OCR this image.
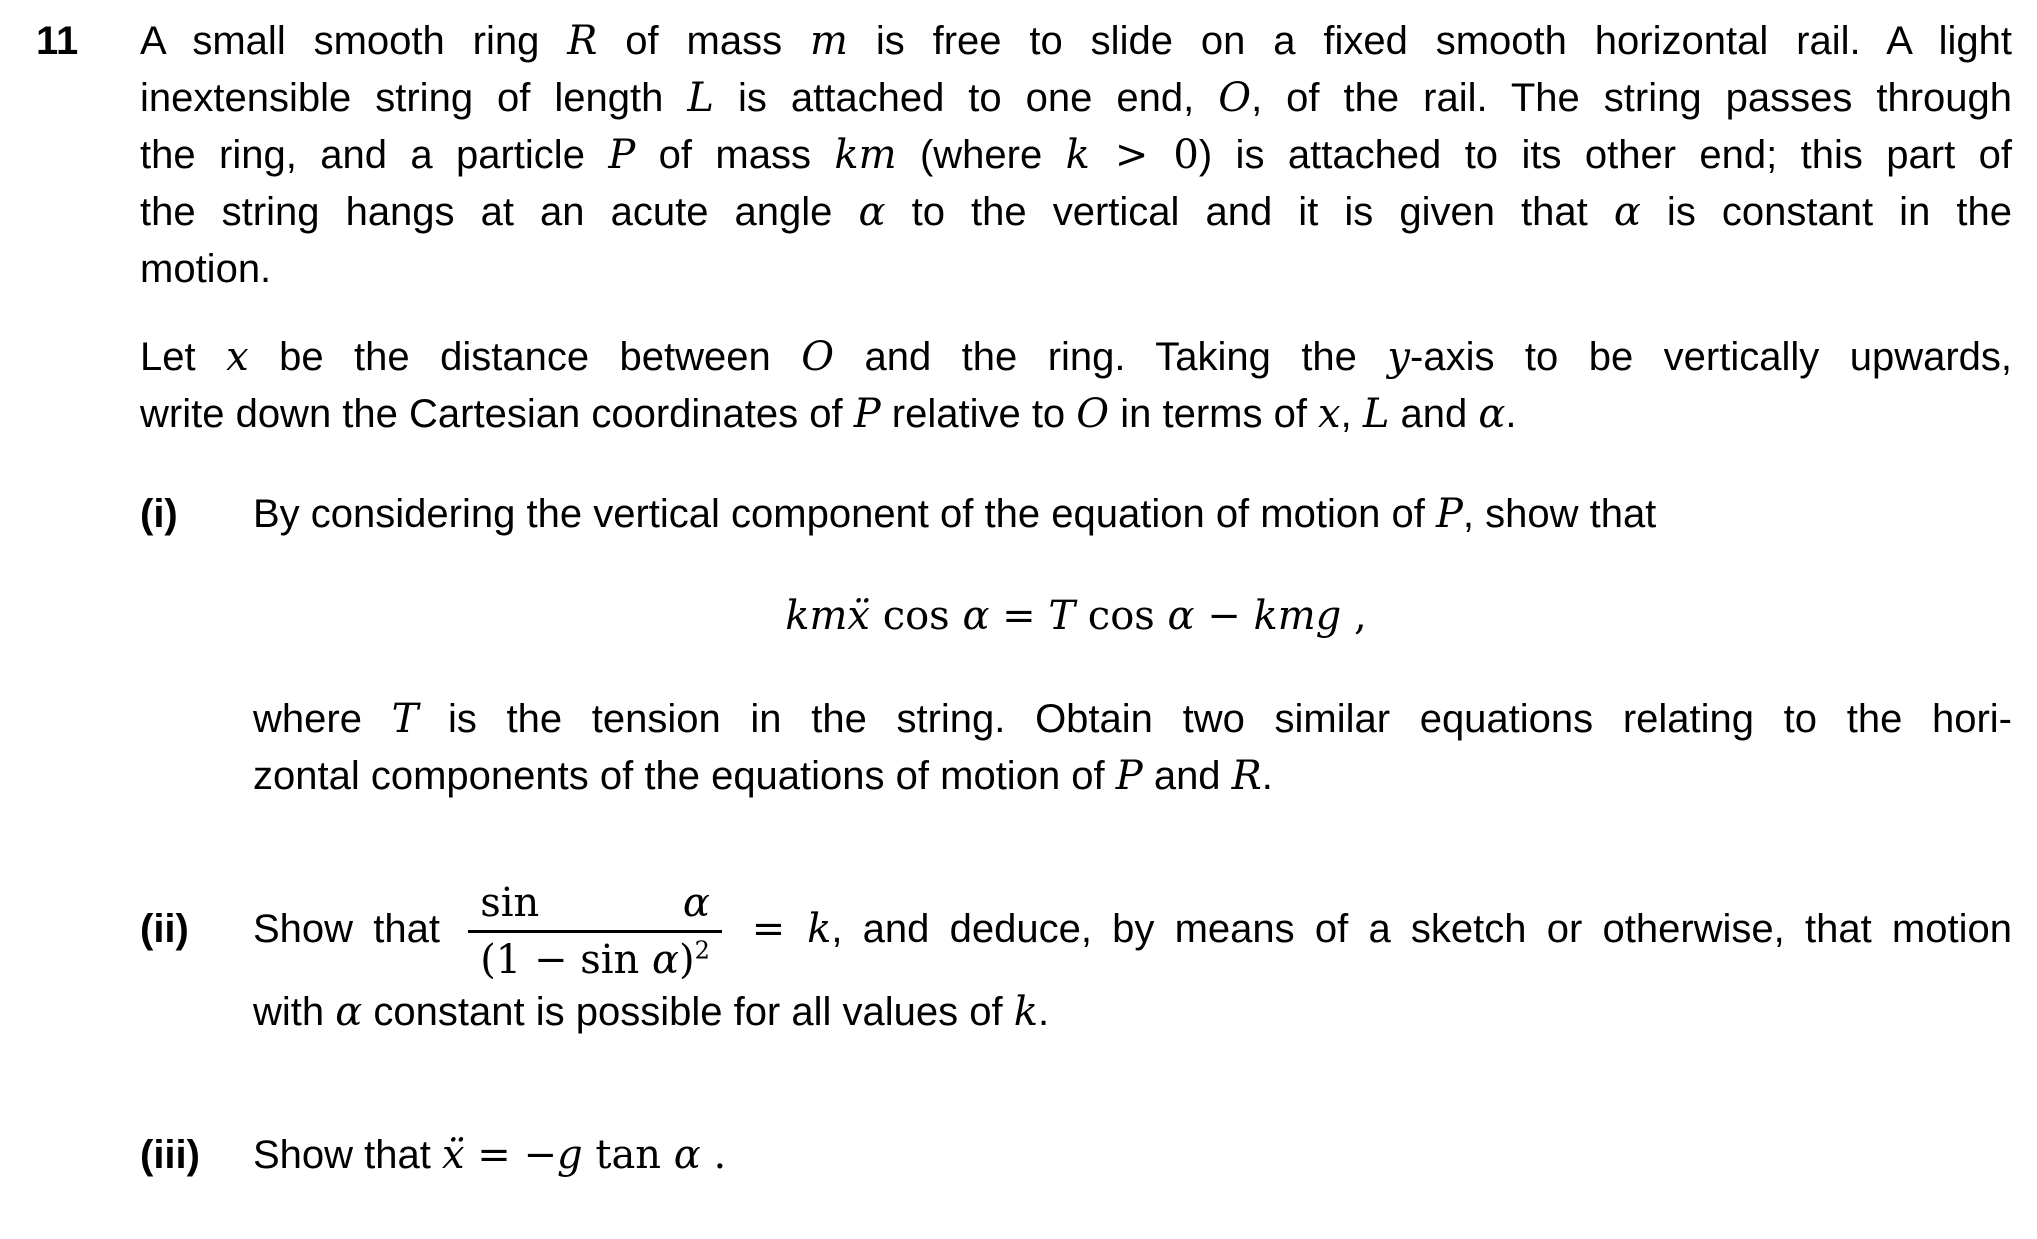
11 A small smooth ring R of mass m is free to slide on a fixed smooth horizontal rail. A light
inextensible string of length L is attached to one end, O, of the rail. The string passes through
the ring, and a particle P of mass km (where k > 0) is attached to its other end; this part of
the string hangs at an acute angle α to the vertical and it is given that α is constant in the
motion.
Let x be the distance between O and the ring. Taking the y-axis to be vertically upwards,
write down the Cartesian coordinates of P relative to O in terms of x, L and α.
(i) By considering the vertical component of the equation of motion of P, show that
kmẍ cos α = T cos α − kmg ,
where T is the tension in the string. Obtain two similar equations relating to the hori-
zontal components of the equations of motion of P and R.
(ii) Show that $\frac{\text{sin α}}{(1 - \sin \alpha)^2} = k$, and deduce, by means of a sketch or otherwise, that motion
with α constant is possible for all values of k.
(iii) Show that ẍ = −g tan α .
